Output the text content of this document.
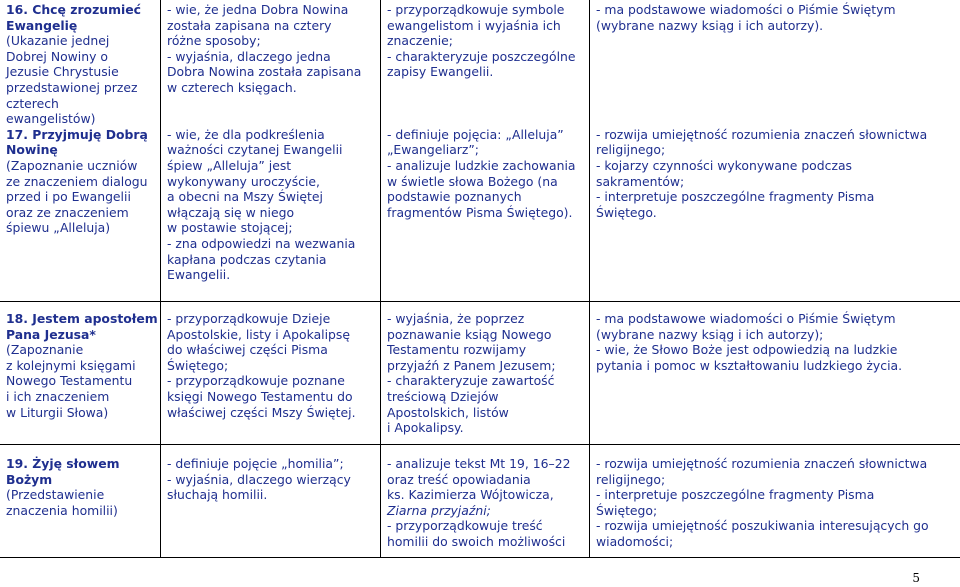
16. Chcę zrozumieć
Ewangelię
(Ukazanie jednej
Dobrej Nowiny o
Jezusie Chrystusie
przedstawionej przez
czterech
ewangelistów)
17. Przyjmuję Dobrą
Nowinę
(Zapoznanie uczniów
ze znaczeniem dialogu
przed i po Ewangelii
oraz ze znaczeniem
śpiewu „Alleluja)
- wie, że jedna Dobra Nowina
została zapisana na cztery
różne sposoby;
- wyjaśnia, dlaczego jedna
Dobra Nowina została zapisana
w czterech księgach.
- wie, że dla podkreślenia
ważności czytanej Ewangelii
śpiew „Alleluja” jest
wykonywany uroczyście,
a obecni na Mszy Świętej
włączają się w niego
w postawie stojącej;
- zna odpowiedzi na wezwania
kapłana podczas czytania
Ewangelii.
- przyporządkowuje symbole
ewangelistom i wyjaśnia ich
znaczenie;
- charakteryzuje poszczególne
zapisy Ewangelii.
- definiuje pojęcia: „Alleluja”
„Ewangeliarz”;
- analizuje ludzkie zachowania
w świetle słowa Bożego (na
podstawie poznanych
fragmentów Pisma Świętego).
- ma podstawowe wiadomości o Piśmie Świętym
(wybrane nazwy ksiąg i ich autorzy).
- rozwija umiejętność rozumienia znaczeń słownictwa
religijnego;
- kojarzy czynności wykonywane podczas
sakramentów;
- interpretuje poszczególne fragmenty Pisma
Świętego.
18. Jestem apostołem
Pana Jezusa*
(Zapoznanie
z kolejnymi księgami
Nowego Testamentu
i ich znaczeniem
w Liturgii Słowa)
- przyporządkowuje Dzieje
Apostolskie, listy i Apokalipsę
do właściwej części Pisma
Świętego;
- przyporządkowuje poznane
księgi Nowego Testamentu do
właściwej części Mszy Świętej.
- wyjaśnia, że poprzez
poznawanie ksiąg Nowego
Testamentu rozwijamy
przyjaźń z Panem Jezusem;
- charakteryzuje zawartość
treściową Dziejów
Apostolskich, listów
i Apokalipsy.
- ma podstawowe wiadomości o Piśmie Świętym
(wybrane nazwy ksiąg i ich autorzy);
- wie, że Słowo Boże jest odpowiedzią na ludzkie
pytania i pomoc w kształtowaniu ludzkiego życia.
19. Żyję słowem
Bożym
(Przedstawienie
znaczenia homilii)
- definiuje pojęcie „homilia”;
- wyjaśnia, dlaczego wierzący
słuchają homilii.
- analizuje tekst Mt 19, 16–22
oraz treść opowiadania
ks. Kazimierza Wójtowicza,
Ziarna przyjaźni;
- przyporządkowuje treść
homilii do swoich możliwości
- rozwija umiejętność rozumienia znaczeń słownictwa
religijnego;
- interpretuje poszczególne fragmenty Pisma
Świętego;
- rozwija umiejętność poszukiwania interesujących go
wiadomości;
5
